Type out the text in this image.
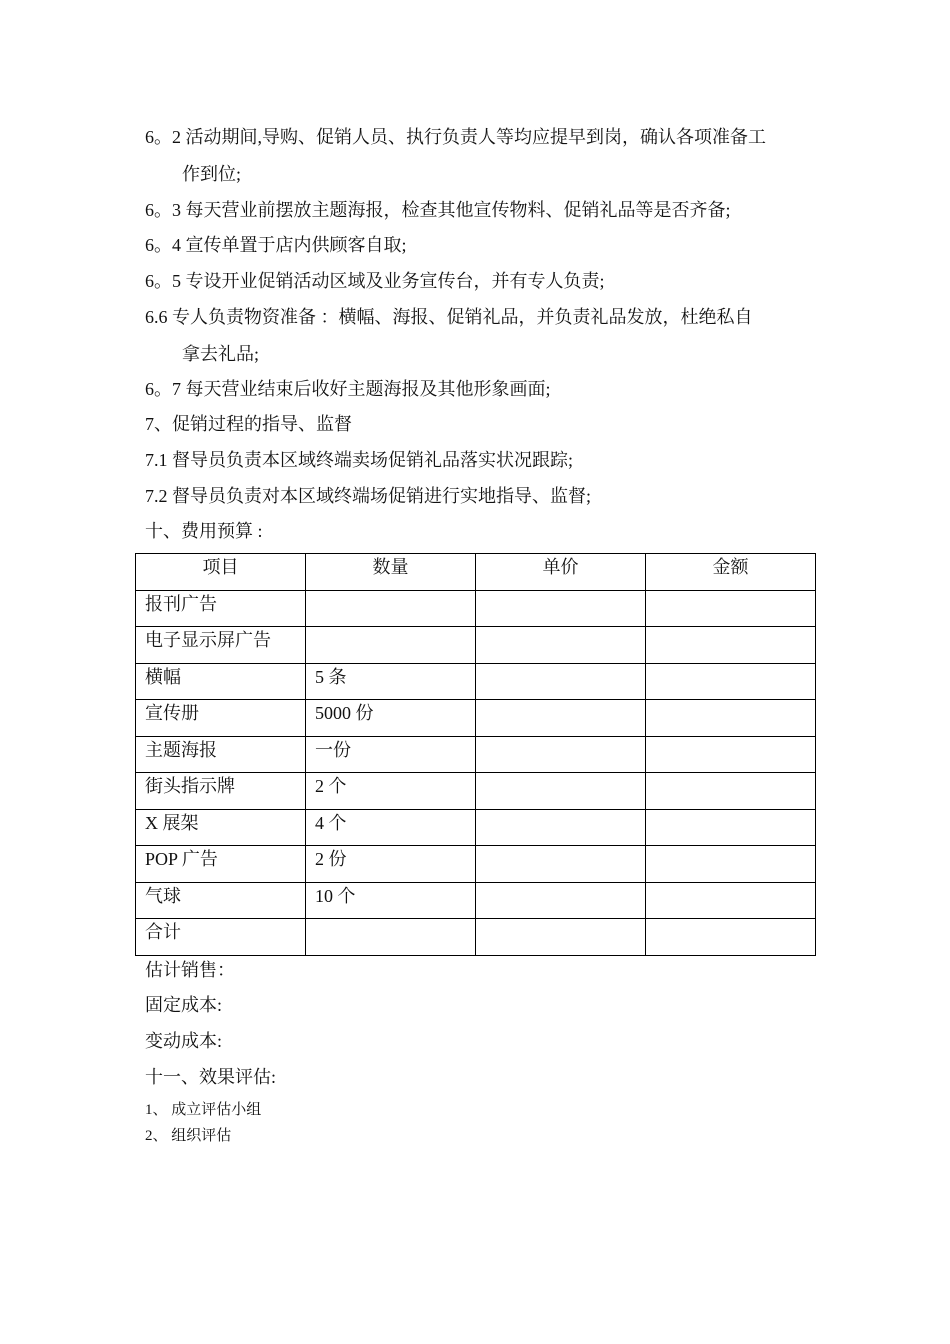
6。2 活动期间,导购、促销人员、执行负责人等均应提早到岗，确认各项准备工
作到位;
6。3 每天营业前摆放主题海报，检查其他宣传物料、促销礼品等是否齐备;
6。4 宣传单置于店内供顾客自取;
6。5 专设开业促销活动区域及业务宣传台，并有专人负责;
6.6 专人负责物资准备 ：横幅、海报、促销礼品，并负责礼品发放，杜绝私自
拿去礼品;
6。7 每天营业结束后收好主题海报及其他形象画面;
7、促销过程的指导、监督
7.1 督导员负责本区域终端卖场促销礼品落实状况跟踪;
7.2 督导员负责对本区域终端场促销进行实地指导、监督;
十、费用预算 :
项目	数量	单价	金额
报刊广告			
电子显示屏广告			
横幅	5 条		
宣传册	5000 份		
主题海报	一份		
街头指示牌	2 个		
X 展架	4 个		
POP 广告	2 份		
气球	10 个		
合计			
估计销售：
固定成本:
变动成本:
十一、效果评估:
1、 成立评估小组
2、 组织评估
